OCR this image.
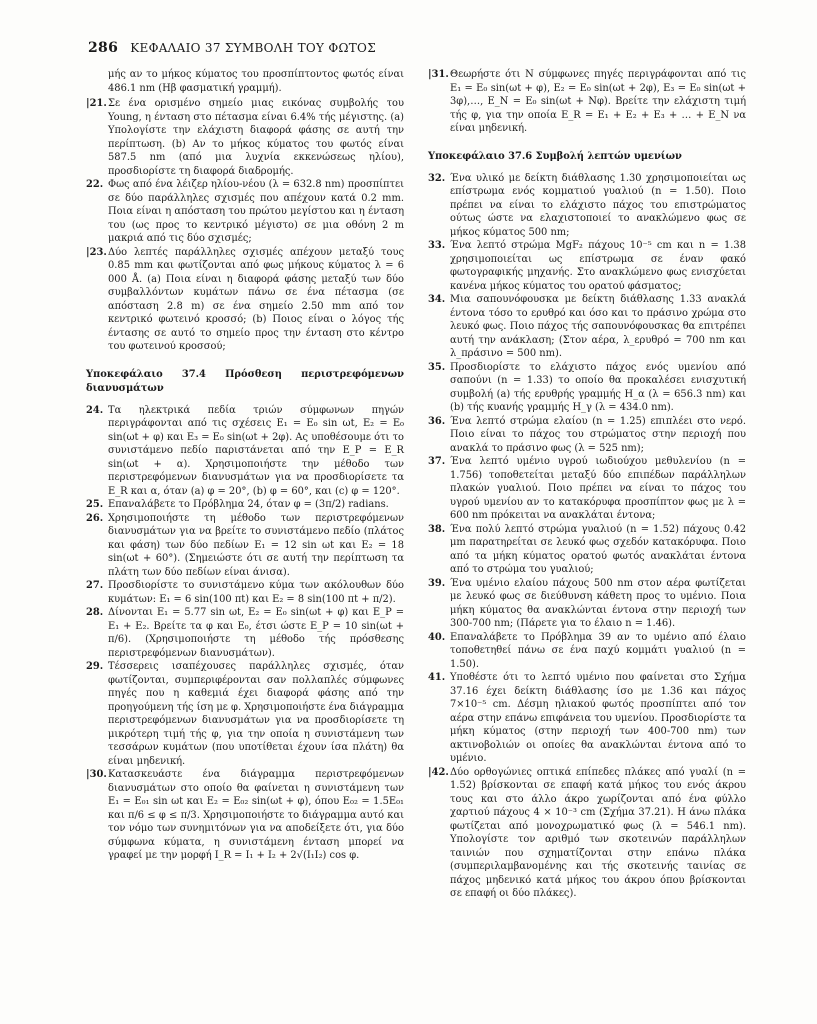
286 ΚΕΦΑΛΑΙΟ 37 ΣΥΜΒΟΛΗ ΤΟΥ ΦΩΤΟΣ

μής αν το μήκος κύματος του προσπίπτοντος φωτός είναι 486.1 nm (Hβ φασματική γραμμή).

|21. Σε ένα ορισμένο σημείο μιας εικόνας συμβολής του Young, η ένταση στο πέτασμα είναι 6.4% τής μέγιστης. (a) Υπολογίστε την ελάχιστη διαφορά φάσης σε αυτή την περίπτωση. (b) Αν το μήκος κύματος του φωτός είναι 587.5 nm (από μια λυχνία εκκενώσεως ηλίου), προσδιορίστε τη διαφορά διαδρομής.

22. Φως από ένα λέιζερ ηλίου-νέου (λ = 632.8 nm) προσπίπτει σε δύο παράλληλες σχισμές που απέχουν κατά 0.2 mm. Ποια είναι η απόσταση του πρώτου μεγίστου και η ένταση του (ως προς το κεντρικό μέγιστο) σε μια οθόνη 2 m μακριά από τις δύο σχισμές;

|23. Δύο λεπτές παράλληλες σχισμές απέχουν μεταξύ τους 0.85 mm και φωτίζονται από φως μήκους κύματος λ = 6 000 Å. (a) Ποια είναι η διαφορά φάσης μεταξύ των δύο συμβαλλόντων κυμάτων πάνω σε ένα πέτασμα (σε απόσταση 2.8 m) σε ένα σημείο 2.50 mm από τον κεντρικό φωτεινό κροσσό; (b) Ποιος είναι ο λόγος τής έντασης σε αυτό το σημείο προς την ένταση στο κέντρο του φωτεινού κροσσού;

Υποκεφάλαιο 37.4 Πρόσθεση περιστρεφόμενων διανυσμάτων

24. Τα ηλεκτρικά πεδία τριών σύμφωνων πηγών περιγράφονται από τις σχέσεις E₁ = E₀ sin ωt, E₂ = E₀ sin(ωt + φ) και E₃ = E₀ sin(ωt + 2φ). Ας υποθέσουμε ότι το συνιστάμενο πεδίο παριστάνεται από την E_P = E_R sin(ωt + α). Χρησιμοποιήστε την μέθοδο των περιστρεφόμενων διανυσμάτων για να προσδιορίσετε τα E_R και α, όταν (a) φ = 20°, (b) φ = 60°, και (c) φ = 120°.

25. Επαναλάβετε το Πρόβλημα 24, όταν φ = (3π/2) radians.

26. Χρησιμοποιήστε τη μέθοδο των περιστρεφόμενων διανυσμάτων για να βρείτε το συνιστάμενο πεδίο (πλάτος και φάση) των δύο πεδίων E₁ = 12 sin ωt και E₂ = 18 sin(ωt + 60°). (Σημειώστε ότι σε αυτή την περίπτωση τα πλάτη των δύο πεδίων είναι άνισα).

27. Προσδιορίστε το συνιστάμενο κύμα των ακόλουθων δύο κυμάτων: E₁ = 6 sin(100 πt) και E₂ = 8 sin(100 πt + π/2).

28. Δίνονται E₁ = 5.77 sin ωt, E₂ = E₀ sin(ωt + φ) και E_P = E₁ + E₂. Βρείτε τα φ και E₀, έτσι ώστε E_P = 10 sin(ωt + π/6). (Χρησιμοποιήστε τη μέθοδο τής πρόσθεσης περιστρεφόμενων διανυσμάτων).

29. Τέσσερεις ισαπέχουσες παράλληλες σχισμές, όταν φωτίζονται, συμπεριφέρονται σαν πολλαπλές σύμφωνες πηγές που η καθεμιά έχει διαφορά φάσης από την προηγούμενη τής ίση με φ. Χρησιμοποιήστε ένα διάγραμμα περιστρεφόμενων διανυσμάτων για να προσδιορίσετε τη μικρότερη τιμή τής φ, για την οποία η συνιστάμενη των τεσσάρων κυμάτων (που υποτίθεται έχουν ίσα πλάτη) θα είναι μηδενική.

|30. Κατασκευάστε ένα διάγραμμα περιστρεφόμενων διανυσμάτων στο οποίο θα φαίνεται η συνιστάμενη των E₁ = E₀₁ sin ωt και E₂ = E₀₂ sin(ωt + φ), όπου E₀₂ = 1.5E₀₁ και π/6 ≤ φ ≤ π/3. Χρησιμοποιήστε το διάγραμμα αυτό και τον νόμο των συνημιτόνων για να αποδείξετε ότι, για δύο σύμφωνα κύματα, η συνιστάμενη ένταση μπορεί να γραφεί με την μορφή I_R = I₁ + I₂ + 2√(I₁I₂) cos φ.

|31. Θεωρήστε ότι N σύμφωνες πηγές περιγράφονται από τις E₁ = E₀ sin(ωt + φ), E₂ = E₀ sin(ωt + 2φ), E₃ = E₀ sin(ωt + 3φ),…, E_N = E₀ sin(ωt + Nφ). Βρείτε την ελάχιστη τιμή τής φ, για την οποία E_R = E₁ + E₂ + E₃ + … + E_N να είναι μηδενική.

Υποκεφάλαιο 37.6 Συμβολή λεπτών υμενίων

32. Ένα υλικό με δείκτη διάθλασης 1.30 χρησιμοποιείται ως επίστρωμα ενός κομματιού γυαλιού (n = 1.50). Ποιο πρέπει να είναι το ελάχιστο πάχος του επιστρώματος ούτως ώστε να ελαχιστοποιεί το ανακλώμενο φως σε μήκος κύματος 500 nm;

33. Ένα λεπτό στρώμα MgF₂ πάχους 10⁻⁵ cm και n = 1.38 χρησιμοποιείται ως επίστρωμα σε έναν φακό φωτογραφικής μηχανής. Στο ανακλώμενο φως ενισχύεται κανένα μήκος κύματος του ορατού φάσματος;

34. Μια σαπουνόφουσκα με δείκτη διάθλασης 1.33 ανακλά έντονα τόσο το ερυθρό και όσο και το πράσινο χρώμα στο λευκό φως. Ποιο πάχος τής σαπουνόφουσκας θα επιτρέπει αυτή την ανάκλαση; (Στον αέρα, λ_ερυθρό = 700 nm και λ_πράσινο = 500 nm).

35. Προσδιορίστε το ελάχιστο πάχος ενός υμενίου από σαπούνι (n = 1.33) το οποίο θα προκαλέσει ενισχυτική συμβολή (a) τής ερυθρής γραμμής H_α (λ = 656.3 nm) και (b) τής κυανής γραμμής H_γ (λ = 434.0 nm).

36. Ένα λεπτό στρώμα ελαίου (n = 1.25) επιπλέει στο νερό. Ποιο είναι το πάχος του στρώματος στην περιοχή που ανακλά το πράσινο φως (λ = 525 nm);

37. Ένα λεπτό υμένιο υγρού ιωδιούχου μεθυλενίου (n = 1.756) τοποθετείται μεταξύ δύο επιπέδων παράλληλων πλακών γυαλιού. Ποιο πρέπει να είναι το πάχος του υγρού υμενίου αν το κατακόρυφα προσπίπτον φως με λ = 600 nm πρόκειται να ανακλάται έντονα;

38. Ένα πολύ λεπτό στρώμα γυαλιού (n = 1.52) πάχους 0.42 μm παρατηρείται σε λευκό φως σχεδόν κατακόρυφα. Ποιο από τα μήκη κύματος ορατού φωτός ανακλάται έντονα από το στρώμα του γυαλιού;

39. Ένα υμένιο ελαίου πάχους 500 nm στον αέρα φωτίζεται με λευκό φως σε διεύθυνση κάθετη προς το υμένιο. Ποια μήκη κύματος θα ανακλώνται έντονα στην περιοχή των 300-700 nm; (Πάρετε για το έλαιο n = 1.46).

40. Επαναλάβετε το Πρόβλημα 39 αν το υμένιο από έλαιο τοποθετηθεί πάνω σε ένα παχύ κομμάτι γυαλιού (n = 1.50).

41. Υποθέστε ότι το λεπτό υμένιο που φαίνεται στο Σχήμα 37.16 έχει δείκτη διάθλασης ίσο με 1.36 και πάχος 7×10⁻⁵ cm. Δέσμη ηλιακού φωτός προσπίπτει από τον αέρα στην επάνω επιφάνεια του υμενίου. Προσδιορίστε τα μήκη κύματος (στην περιοχή των 400-700 nm) των ακτινοβολιών οι οποίες θα ανακλώνται έντονα από το υμένιο.

|42. Δύο ορθογώνιες οπτικά επίπεδες πλάκες από γυαλί (n = 1.52) βρίσκονται σε επαφή κατά μήκος του ενός άκρου τους και στο άλλο άκρο χωρίζονται από ένα φύλλο χαρτιού πάχους 4 × 10⁻³ cm (Σχήμα 37.21). Η άνω πλάκα φωτίζεται από μονοχρωματικό φως (λ = 546.1 nm). Υπολογίστε τον αριθμό των σκοτεινών παράλληλων ταινιών που σχηματίζονται στην επάνω πλάκα (συμπεριλαμβανομένης και τής σκοτεινής ταινίας σε πάχος μηδενικό κατά μήκος του άκρου όπου βρίσκονται σε επαφή οι δύο πλάκες).
